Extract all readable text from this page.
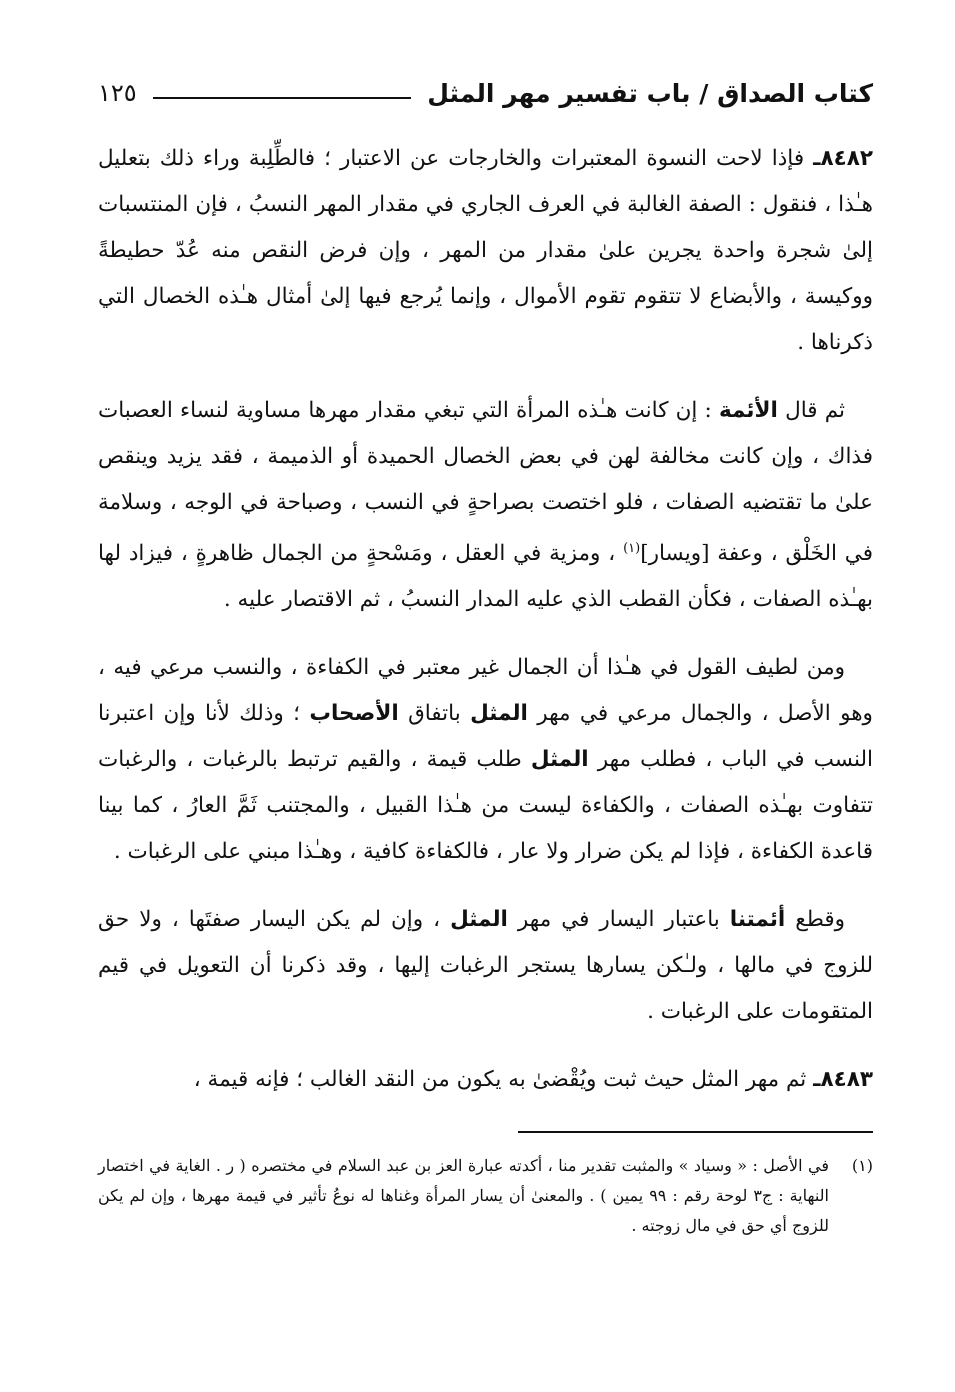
كتاب الصداق / باب تفسير مهر المثل
١٢٥

٨٤٨٢ـ فإذا لاحت النسوة المعتبرات والخارجات عن الاعتبار ؛ فالطِّلِبة وراء ذلك بتعليل هـٰذا ، فنقول : الصفة الغالبة في العرف الجاري في مقدار المهر النسبُ ، فإن المنتسبات إلىٰ شجرة واحدة يجرين علىٰ مقدار من المهر ، وإن فرض النقص منه عُدّ حطيطةً ووكيسة ، والأبضاع لا تتقوم تقوم الأموال ، وإنما يُرجع فيها إلىٰ أمثال هـٰذه الخصال التي ذكرناها .

ثم قال الأئمة : إن كانت هـٰذه المرأة التي تبغي مقدار مهرها مساوية لنساء العصبات فذاك ، وإن كانت مخالفة لهن في بعض الخصال الحميدة أو الذميمة ، فقد يزيد وينقص علىٰ ما تقتضيه الصفات ، فلو اختصت بصراحةٍ في النسب ، وصباحة في الوجه ، وسلامة في الخَلْق ، وعفة [ويسار]$^{(١)}$ ، ومزية في العقل ، ومَسْحةٍ من الجمال ظاهرةٍ ، فيزاد لها بهـٰذه الصفات ، فكأن القطب الذي عليه المدار النسبُ ، ثم الاقتصار عليه .

ومن لطيف القول في هـٰذا أن الجمال غير معتبر في الكفاءة ، والنسب مرعي فيه ، وهو الأصل ، والجمال مرعي في مهر المثل باتفاق الأصحاب ؛ وذلك لأنا وإن اعتبرنا النسب في الباب ، فطلب مهر المثل طلب قيمة ، والقيم ترتبط بالرغبات ، والرغبات تتفاوت بهـٰذه الصفات ، والكفاءة ليست من هـٰذا القبيل ، والمجتنب ثَمَّ العارُ ، كما بينا قاعدة الكفاءة ، فإذا لم يكن ضرار ولا عار ، فالكفاءة كافية ، وهـٰذا مبني على الرغبات .

وقطع أئمتنا باعتبار اليسار في مهر المثل ، وإن لم يكن اليسار صفتَها ، ولا حق للزوج في مالها ، ولـٰكن يسارها يستجر الرغبات إليها ، وقد ذكرنا أن التعويل في قيم المتقومات على الرغبات .

٨٤٨٣ـ ثم مهر المثل حيث ثبت ويُقْضىٰ به يكون من النقد الغالب ؛ فإنه قيمة ،

(١)
في الأصل : « وسياد » والمثبت تقدير منا ، أكدته عبارة العز بن عبد السلام في مختصره ( ر . الغاية في اختصار النهاية : ج٣ لوحة رقم : ٩٩ يمين ) . والمعنىٰ أن يسار المرأة وغناها له نوعُ تأثير في قيمة مهرها ، وإن لم يكن للزوج أي حق في مال زوجته .
